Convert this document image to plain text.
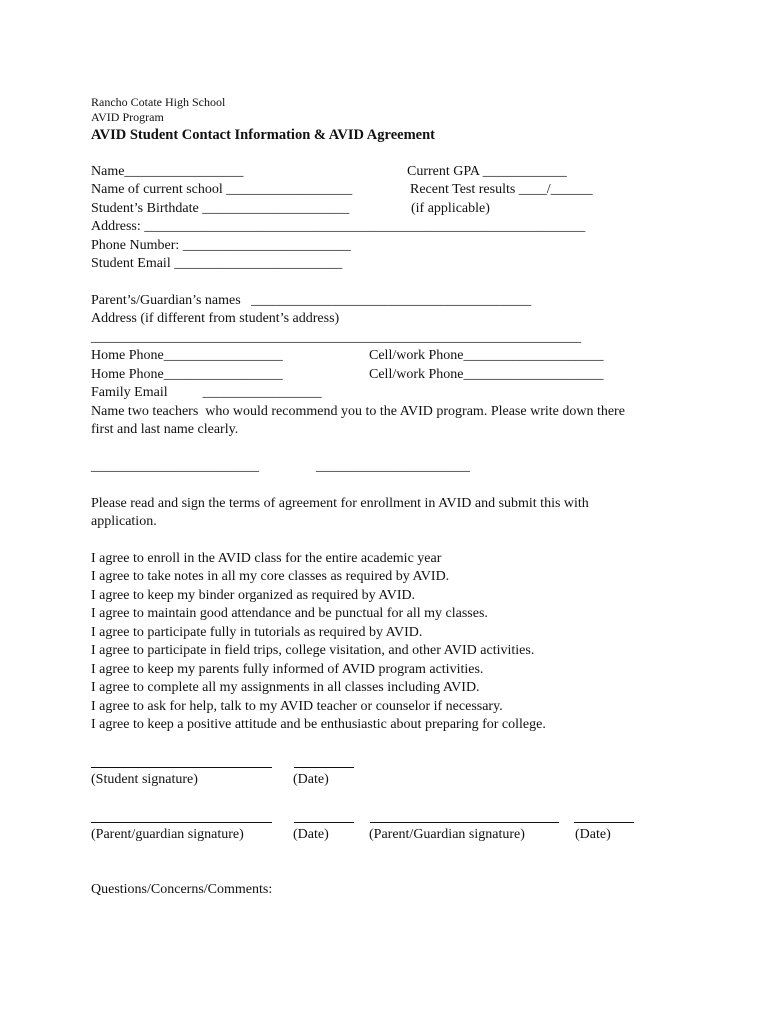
Rancho Cotate High School
AVID Program
AVID Student Contact Information & AVID Agreement
Name_________________	Current GPA ____________
Name of current school __________________	Recent Test results ____/______
Student’s Birthdate _____________________	(if applicable)
Address: _______________________________________________________________
Phone Number: ________________________
Student Email ________________________
Parent’s/Guardian’s names   ________________________________________
Address (if different from student’s address)
______________________________________________________________________
Home Phone_________________	Cell/work Phone____________________
Home Phone_________________	Cell/work Phone____________________
Family Email          _________________
Name two teachers  who would recommend you to the AVID program. Please write down there
first and last name clearly.
________________________	______________________
Please read and sign the terms of agreement for enrollment in AVID and submit this with
application.
I agree to enroll in the AVID class for the entire academic year
I agree to take notes in all my core classes as required by AVID.
I agree to keep my binder organized as required by AVID.
I agree to maintain good attendance and be punctual for all my classes.
I agree to participate fully in tutorials as required by AVID.
I agree to participate in field trips, college visitation, and other AVID activities.
I agree to keep my parents fully informed of AVID program activities.
I agree to complete all my assignments in all classes including AVID.
I agree to ask for help, talk to my AVID teacher or counselor if necessary.
I agree to keep a positive attitude and be enthusiastic about preparing for college.
(Student signature)	(Date)
(Parent/guardian signature)	(Date)	(Parent/Guardian signature)	(Date)
Questions/Concerns/Comments:
